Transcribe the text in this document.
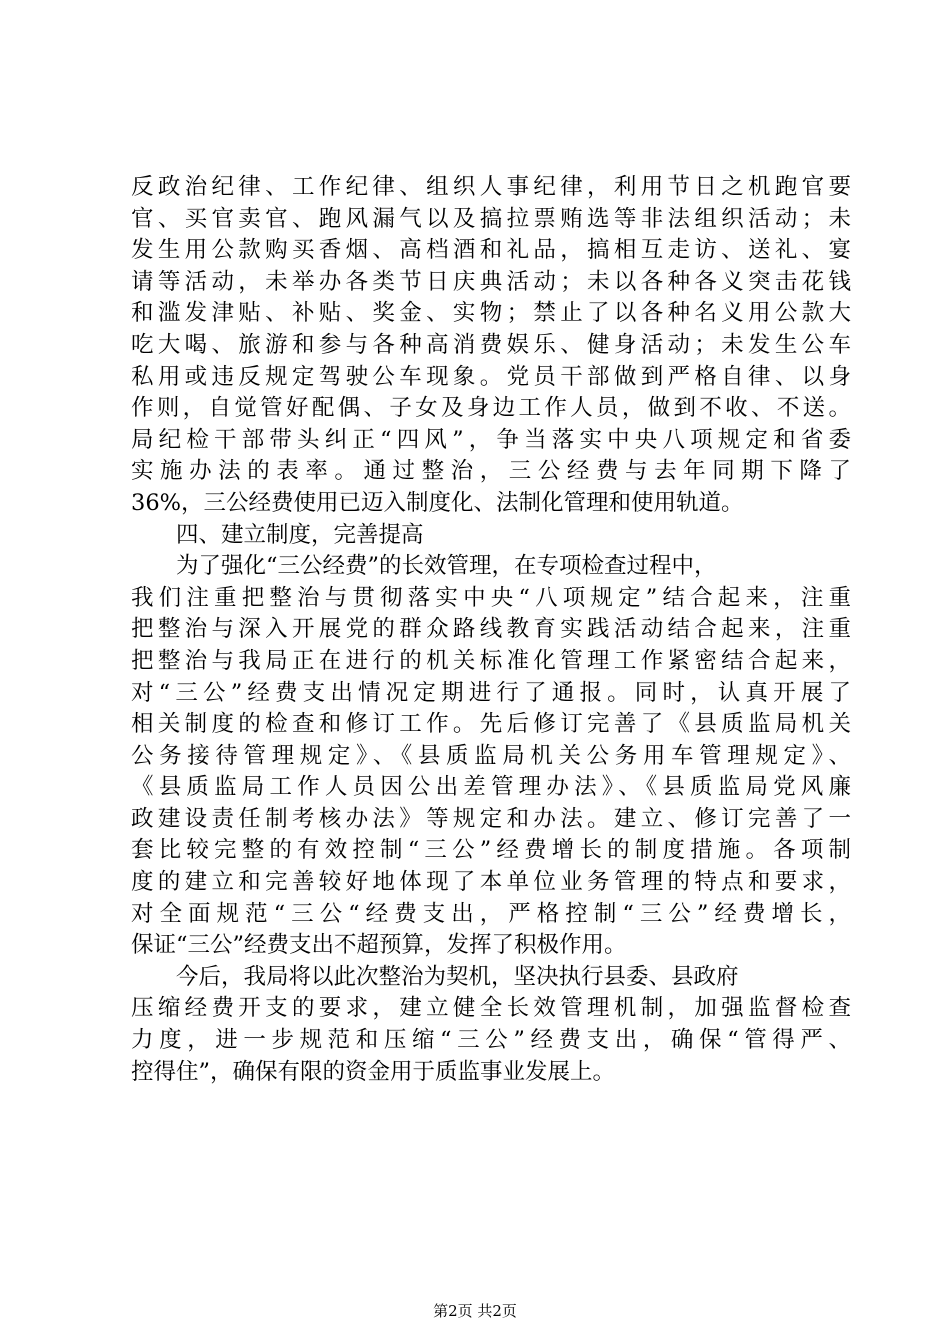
反政治纪律、工作纪律、组织人事纪律，利用节日之机跑官要
官、买官卖官、跑风漏气以及搞拉票贿选等非法组织活动；未
发生用公款购买香烟、高档酒和礼品，搞相互走访、送礼、宴
请等活动，未举办各类节日庆典活动；未以各种各义突击花钱
和滥发津贴、补贴、奖金、实物；禁止了以各种名义用公款大
吃大喝、旅游和参与各种高消费娱乐、健身活动；未发生公车
私用或违反规定驾驶公车现象。党员干部做到严格自律、以身
作则，自觉管好配偶、子女及身边工作人员，做到不收、不送。
局纪检干部带头纠正“四风”，争当落实中央八项规定和省委
实施办法的表率。通过整治，三公经费与去年同期下降了
36%，三公经费使用已迈入制度化、法制化管理和使用轨道。
四、建立制度，完善提高
为了强化“三公经费”的长效管理，在专项检查过程中，
我们注重把整治与贯彻落实中央“八项规定”结合起来，注重
把整治与深入开展党的群众路线教育实践活动结合起来，注重
把整治与我局正在进行的机关标准化管理工作紧密结合起来，
对“三公”经费支出情况定期进行了通报。同时，认真开展了
相关制度的检查和修订工作。先后修订完善了《县质监局机关
公务接待管理规定》、《县质监局机关公务用车管理规定》、
《县质监局工作人员因公出差管理办法》、《县质监局党风廉
政建设责任制考核办法》等规定和办法。建立、修订完善了一
套比较完整的有效控制“三公”经费增长的制度措施。各项制
度的建立和完善较好地体现了本单位业务管理的特点和要求，
对全面规范“三公“经费支出，严格控制“三公”经费增长，
保证“三公”经费支出不超预算，发挥了积极作用。
今后，我局将以此次整治为契机，坚决执行县委、县政府
压缩经费开支的要求，建立健全长效管理机制，加强监督检查
力度，进一步规范和压缩“三公”经费支出，确保“管得严、
控得住”，确保有限的资金用于质监事业发展上。
第2页 共2页
